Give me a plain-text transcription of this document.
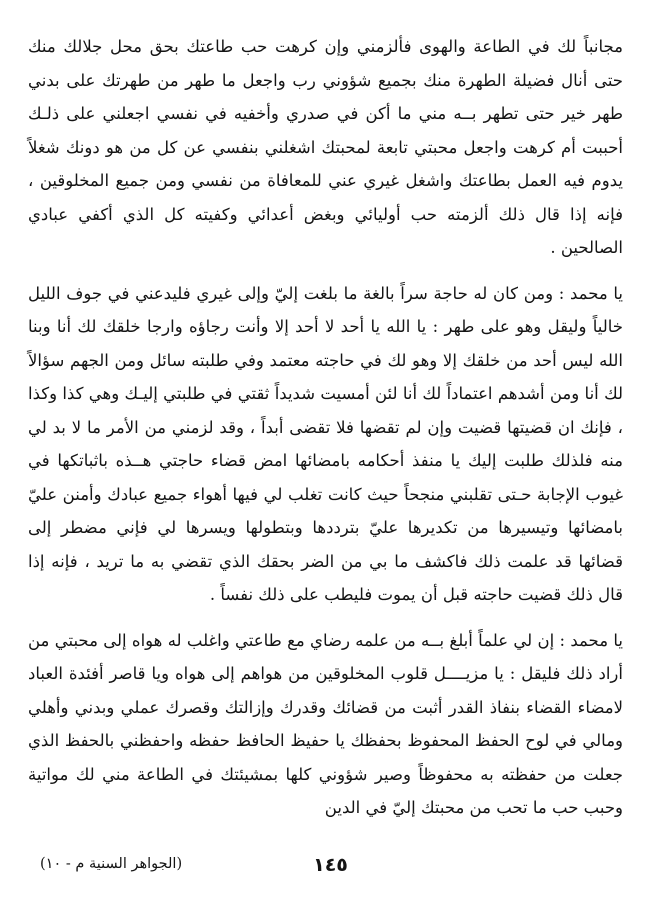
مجانباً لك في الطاعة والهوى فألزمني وإن كرهت حب طاعتك بحق محل جلالك منك حتى أنال فضيلة الطهرة منك بجميع شؤوني رب واجعل ما طهر من طهرتك على بدني طهر خير حتى تطهر بــه مني ما أكن في صدري وأخفيه في نفسي اجعلني على ذلـك أحببت أم كرهت واجعل محبتي تابعة لمحبتك اشغلني بنفسي عن كل من هو دونك شغلاً يدوم فيه العمل بطاعتك واشغل غيري عني للمعافاة من نفسي ومن جميع المخلوقين ، فإنه إذا قال ذلك ألزمته حب أوليائي وبغض أعدائي وكفيته كل الذي أكفي عبادي الصالحين .

يا محمد : ومن كان له حاجة سراً بالغة ما بلغت إليّ وإلى غيري فليدعني في جوف الليل خالياً وليقل وهو على طهر : يا الله يا أحد لا أحد إلا وأنت رجاؤه وارجا خلقك لك أنا وبنا الله ليس أحد من خلقك إلا وهو لك في حاجته معتمد وفي طلبته سائل ومن الجهم سؤالاً لك أنا ومن أشدهم اعتماداً لك أنا لئن أمسيت شديداً ثقتي في طلبتي إليـك وهي كذا وكذا ، فإنك ان قضيتها قضيت وإن لم تقضها فلا تقضى أبداً ، وقد لزمني من الأمر ما لا بد لي منه فلذلك طلبت إليك يا منفذ أحكامه بامضائها امض قضاء حاجتي هــذه باثباتكها في غيوب الإجابة حـتى تقلبني منجحاً حيث كانت تغلب لي فيها أهواء جميع عبادك وأمنن عليّ بامضائها وتيسيرها من تكديرها عليّ بترددها وبتطولها ويسرها لي فإني مضطر إلى قضائها قد علمت ذلك فاكشف ما بي من الضر بحقك الذي تقضي به ما تريد ، فإنه إذا قال ذلك قضيت حاجته قبل أن يموت فليطب على ذلك نفساً .

يا محمد : إن لي علماً أبلغ بــه من علمه رضاي مع طاعتي واغلب له هواه إلى محبتي من أراد ذلك فليقل : يا مزيــــل قلوب المخلوقين من هواهم إلى هواه ويا قاصر أفئدة العباد لامضاء القضاء بنفاذ القدر أثبت من قضائك وقدرك وإزالتك وقصرك عملي وبدني وأهلي ومالي في لوح الحفظ المحفوظ بحفظك يا حفيظ الحافظ حفظه واحفظني بالحفظ الذي جعلت من حفظته به محفوظاً وصير شؤوني كلها بمشيئتك في الطاعة مني لك مواتية وحبب حب ما تحب من محبتك إليّ في الدين

١٤٥
(الجواهر السنية م - ١٠)
